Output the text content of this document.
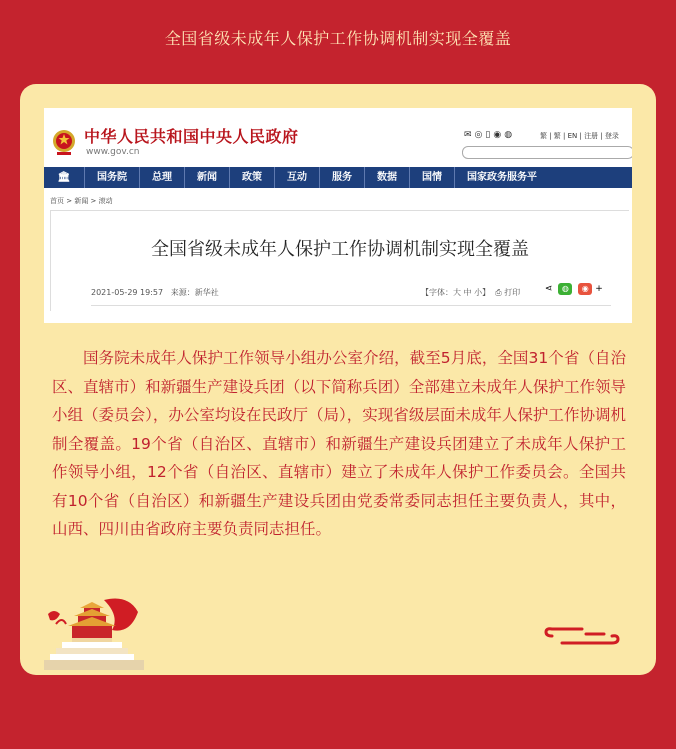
全国省级未成年人保护工作协调机制实现全覆盖
中华人民共和国中央人民政府
www.gov.cn
✉ ◎ ▯ ◉ ◍	繁 | 繁 | EN | 注册 | 登录
🏛	国务院	总理	新闻	政策	互动	服务	数据	国情	国家政务服务平
首页 > 新闻 > 滚动
全国省级未成年人保护工作协调机制实现全覆盖
2021-05-29 19:57 来源：新华社	【字体：大 中 小】 ⎙ 打印	⋖ ◍ ◉ +
国务院未成年人保护工作领导小组办公室介绍，截至5月底，全国31个省（自治区、直辖市）和新疆生产建设兵团（以下简称兵团）全部建立未成年人保护工作领导小组（委员会），办公室均设在民政厅（局），实现省级层面未成年人保护工作协调机制全覆盖。19个省（自治区、直辖市）和新疆生产建设兵团建立了未成年人保护工作领导小组，12个省（自治区、直辖市）建立了未成年人保护工作委员会。全国共有10个省（自治区）和新疆生产建设兵团由党委常委同志担任主要负责人，其中，山西、四川由省政府主要负责同志担任。
